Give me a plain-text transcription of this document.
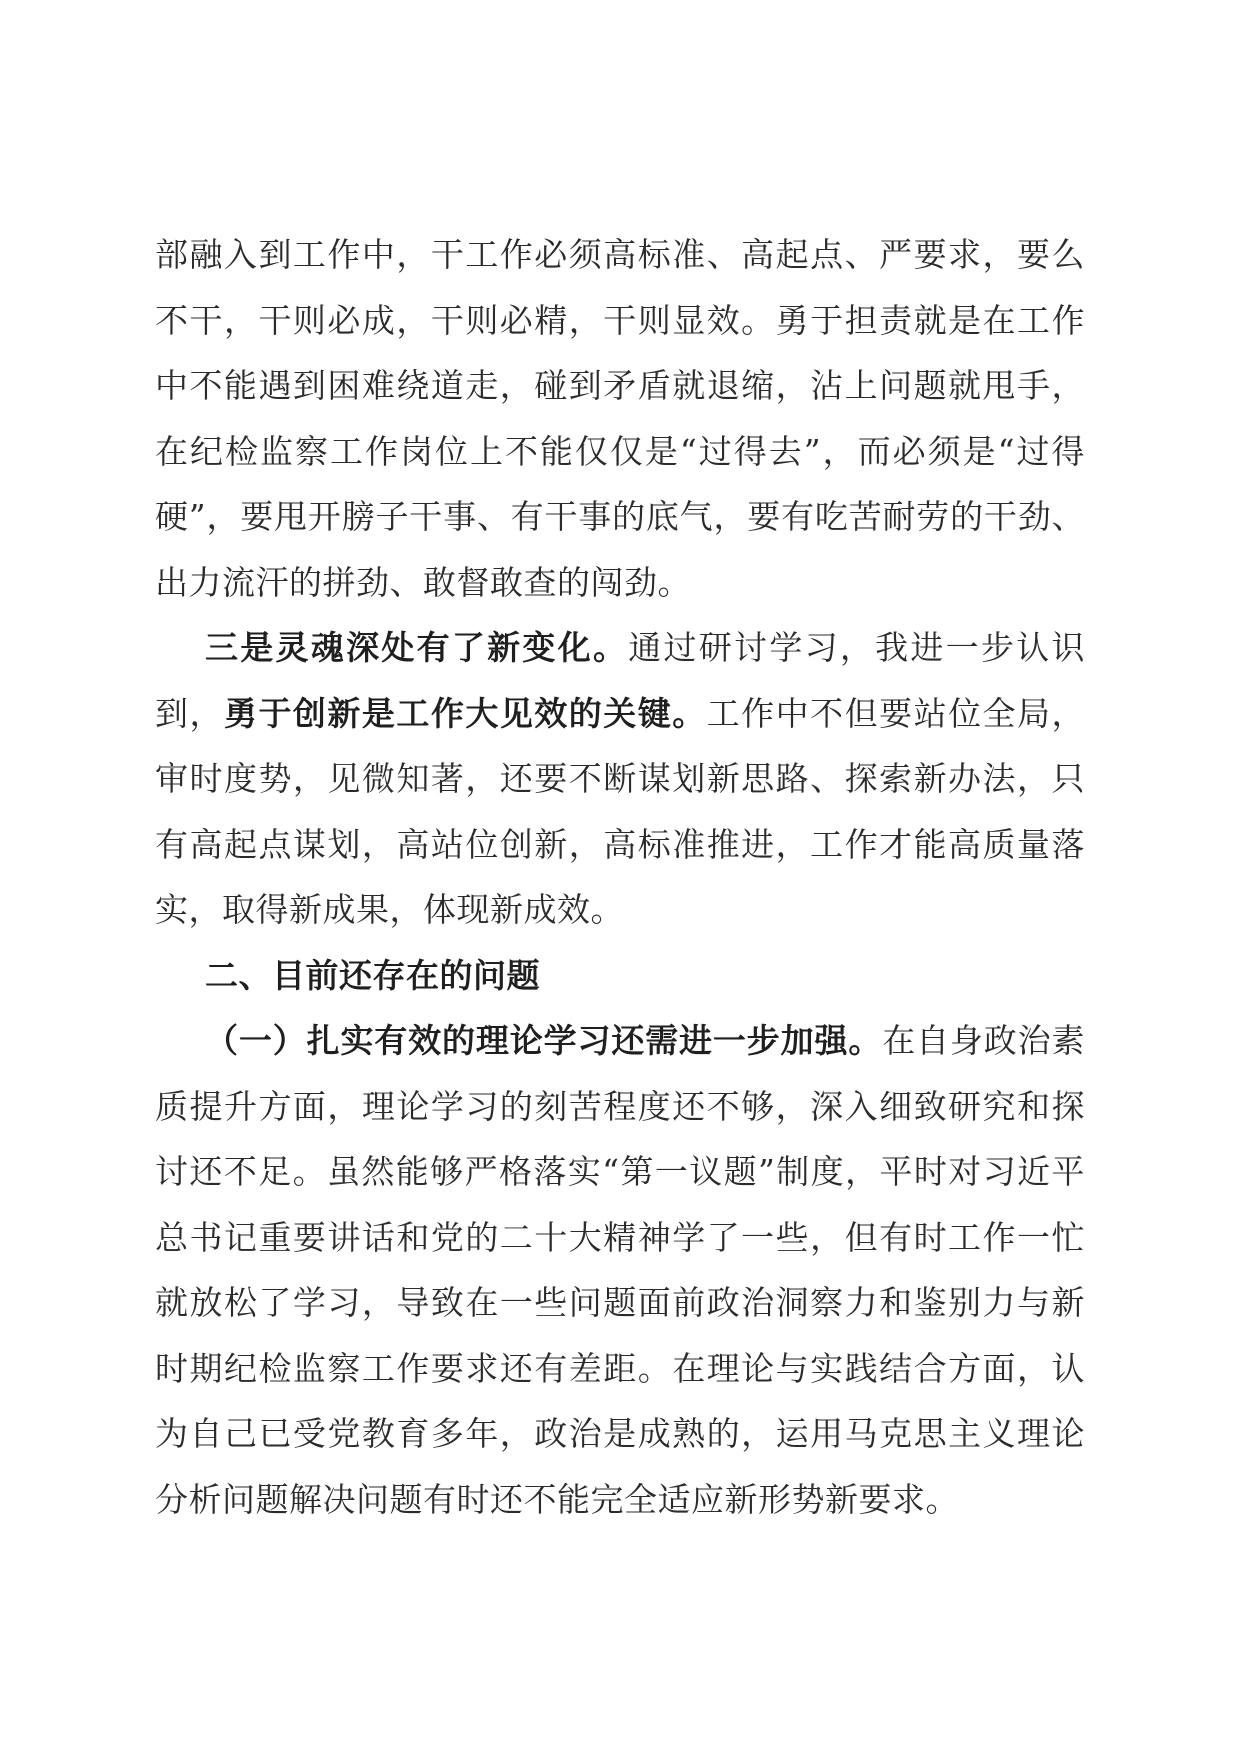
部融入到工作中，干工作必须高标准、高起点、严要求，要么不干，干则必成，干则必精，干则显效。勇于担责就是在工作中不能遇到困难绕道走，碰到矛盾就退缩，沾上问题就甩手，在纪检监察工作岗位上不能仅仅是“过得去”，而必须是“过得硬”，要甩开膀子干事、有干事的底气，要有吃苦耐劳的干劲、出力流汗的拼劲、敢督敢查的闯劲。

三是灵魂深处有了新变化。通过研讨学习，我进一步认识到，勇于创新是工作大见效的关键。工作中不但要站位全局，审时度势，见微知著，还要不断谋划新思路、探索新办法，只有高起点谋划，高站位创新，高标准推进，工作才能高质量落实，取得新成果，体现新成效。

二、目前还存在的问题

（一）扎实有效的理论学习还需进一步加强。在自身政治素质提升方面，理论学习的刻苦程度还不够，深入细致研究和探讨还不足。虽然能够严格落实“第一议题”制度，平时对习近平总书记重要讲话和党的二十大精神学了一些，但有时工作一忙就放松了学习，导致在一些问题面前政治洞察力和鉴别力与新时期纪检监察工作要求还有差距。在理论与实践结合方面，认为自己已受党教育多年，政治是成熟的，运用马克思主义理论分析问题解决问题有时还不能完全适应新形势新要求。
